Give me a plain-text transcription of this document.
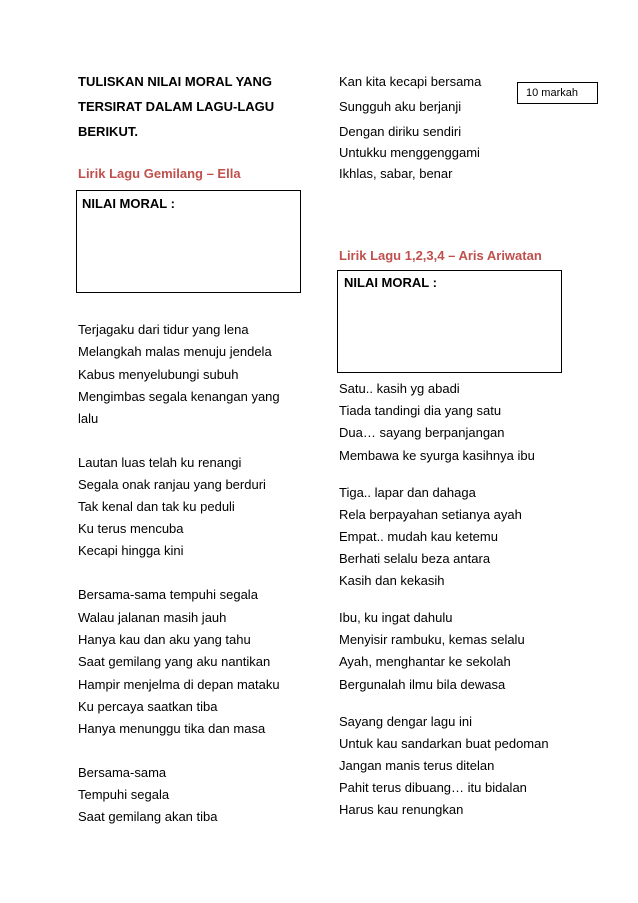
TULISKAN NILAI MORAL YANG
TERSIRAT DALAM LAGU-LAGU
BERIKUT.
Lirik Lagu Gemilang – Ella
NILAI MORAL :
Terjagaku dari tidur yang lena
Melangkah malas menuju jendela
Kabus menyelubungi subuh
Mengimbas segala kenangan yang
lalu
Lautan luas telah ku renangi
Segala onak ranjau yang berduri
Tak kenal dan tak ku peduli
Ku terus mencuba
Kecapi hingga kini
Bersama-sama tempuhi segala
Walau jalanan masih jauh
Hanya kau dan aku yang tahu
Saat gemilang yang aku nantikan
Hampir menjelma di depan mataku
Ku percaya saatkan tiba
Hanya menunggu tika dan masa
Bersama-sama
Tempuhi segala
Saat gemilang akan tiba
Kan kita kecapi bersama
Sungguh aku berjanji
Dengan diriku sendiri
Untukku menggenggami
Ikhlas, sabar, benar
10 markah
Lirik Lagu 1,2,3,4 – Aris Ariwatan
NILAI MORAL :
Satu.. kasih yg abadi
Tiada tandingi dia yang satu
Dua… sayang berpanjangan
Membawa ke syurga kasihnya ibu
Tiga.. lapar dan dahaga
Rela berpayahan setianya ayah
Empat.. mudah kau ketemu
Berhati selalu beza antara
Kasih dan kekasih
Ibu, ku ingat dahulu
Menyisir rambuku, kemas selalu
Ayah, menghantar ke sekolah
Bergunalah ilmu bila dewasa
Sayang dengar lagu ini
Untuk kau sandarkan buat pedoman
Jangan manis terus ditelan
Pahit terus dibuang… itu bidalan
Harus kau renungkan
